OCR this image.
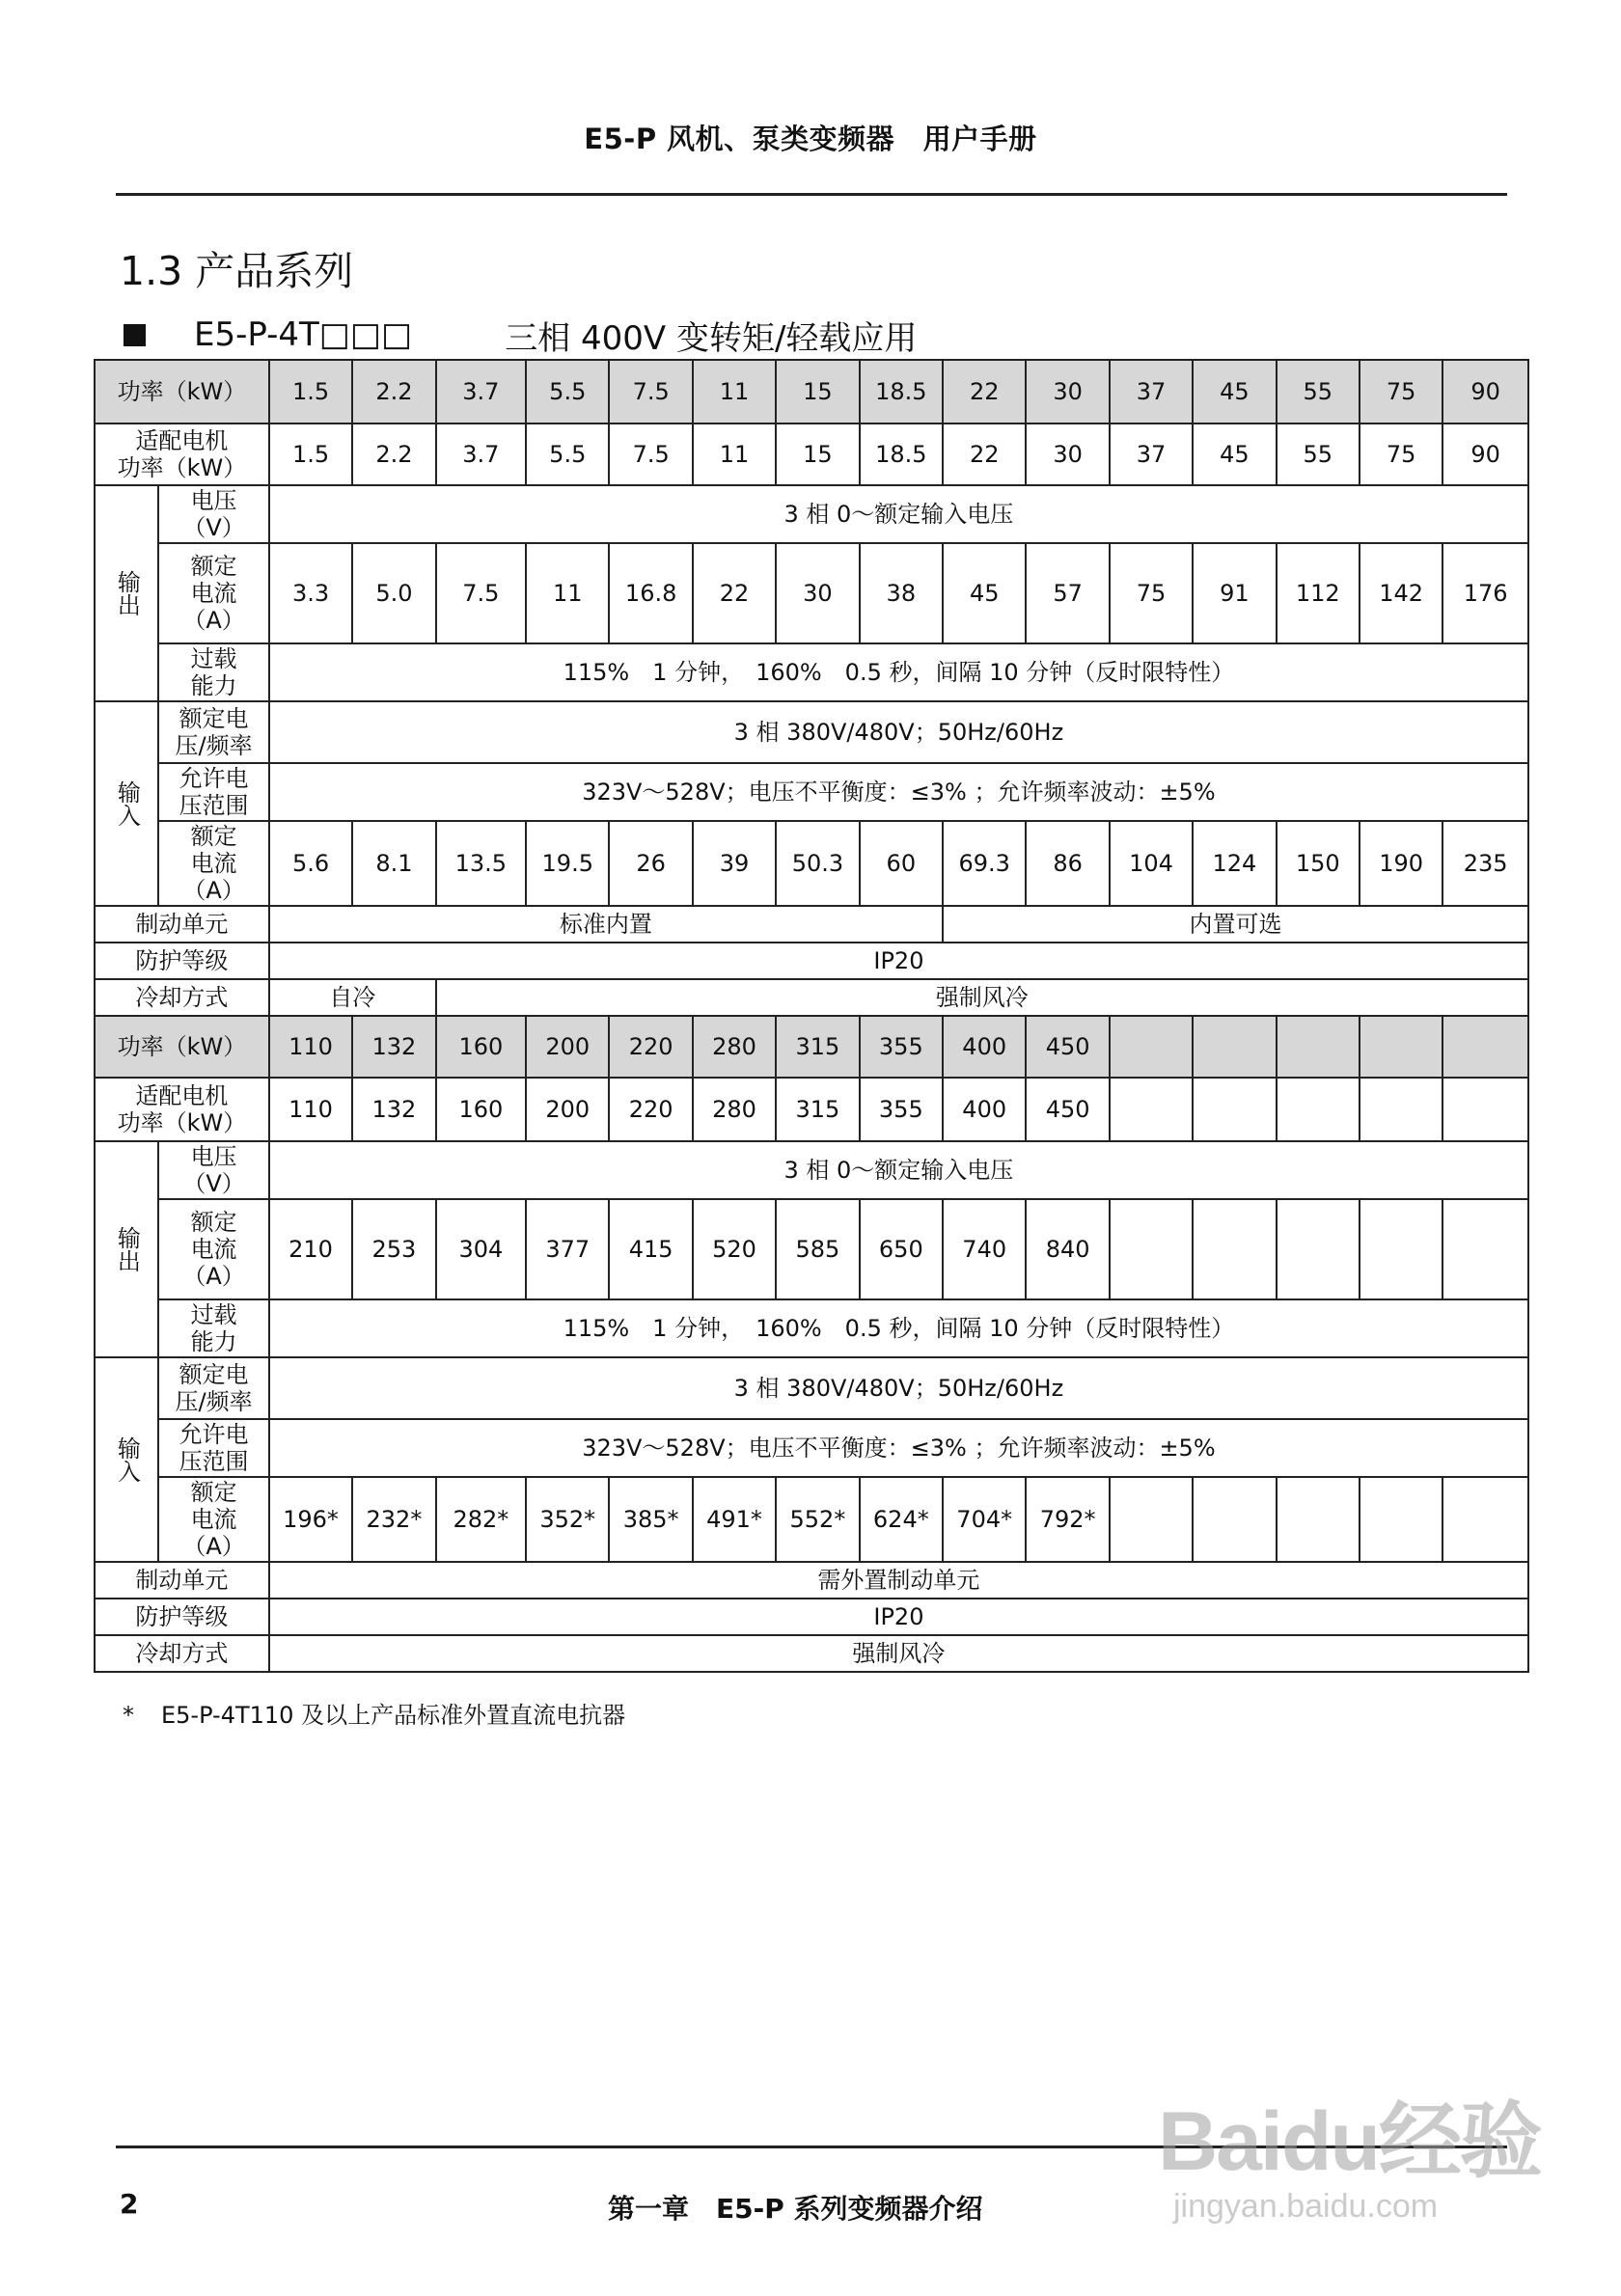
E5-P 风机、泵类变频器　用户手册
1.3 产品系列
E5-P-4T□□□	三相 400V 变转矩/轻载应用
功率（kW）		1.5	2.2	3.7	5.5	7.5	11	15	18.5	22	30	37	45	55	75	90
适配电机
功率（kW）		1.5	2.2	3.7	5.5	7.5	11	15	18.5	22	30	37	45	55	75	90
输出	电压
（V）	3 相 0～额定输入电压														
	额定
电流
（A）	3.3	5.0	7.5	11	16.8	22	30	38	45	57	75	91	112	142	176
	过载
能力	115%　1 分钟，　160%　0.5 秒，间隔 10 分钟（反时限特性）														
输入	额定电
压/频率	3 相 380V/480V；50Hz/60Hz														
	允许电
压范围	323V～528V；电压不平衡度：≤3% ；允许频率波动：±5%														
	额定
电流
（A）	5.6	8.1	13.5	19.5	26	39	50.3	60	69.3	86	104	124	150	190	235
制动单元		标准内置								内置可选						
防护等级		IP20														
冷却方式		自冷		强制风冷												
功率（kW）		110	132	160	200	220	280	315	355	400	450					
适配电机
功率（kW）		110	132	160	200	220	280	315	355	400	450					
输出	电压
（V）	3 相 0～额定输入电压														
	额定
电流
（A）	210	253	304	377	415	520	585	650	740	840					
	过载
能力	115%　1 分钟，　160%　0.5 秒，间隔 10 分钟（反时限特性）														
输入	额定电
压/频率	3 相 380V/480V；50Hz/60Hz														
	允许电
压范围	323V～528V；电压不平衡度：≤3% ；允许频率波动：±5%														
	额定
电流
（A）	196*	232*	282*	352*	385*	491*	552*	624*	704*	792*					
制动单元		需外置制动单元														
防护等级		IP20														
冷却方式		强制风冷														
* E5-P-4T110 及以上产品标准外置直流电抗器
2	第一章　E5-P 系列变频器介绍
Baidu经验
jingyan.baidu.com
